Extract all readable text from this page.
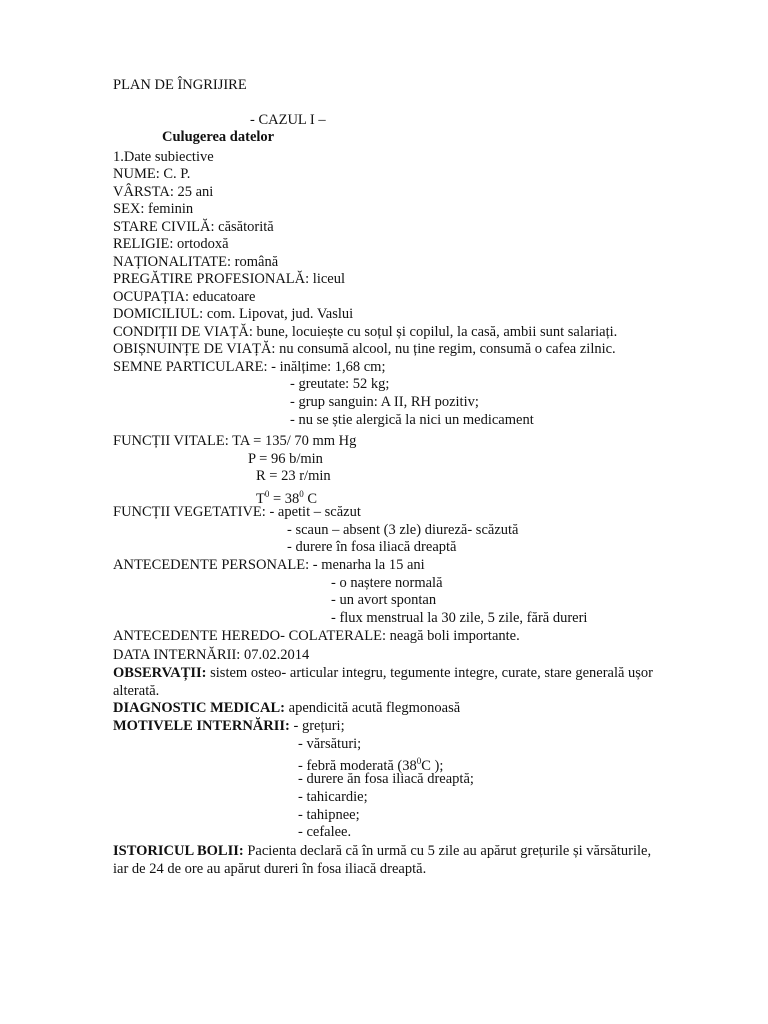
PLAN DE ÎNGRIJIRE
- CAZUL I –
Culugerea datelor
1.Date subiective
NUME: C. P.
VÂRSTA: 25 ani
SEX: feminin
STARE CIVILĂ: căsătorită
RELIGIE: ortodoxă
NAȚIONALITATE: română
PREGĂTIRE PROFESIONALĂ: liceul
OCUPAȚIA: educatoare
DOMICILIUL: com. Lipovat, jud. Vaslui
CONDIȚII DE VIAȚĂ: bune, locuiește cu soțul și copilul, la casă, ambii sunt salariați.
OBIȘNUINȚE DE VIAȚĂ: nu consumă alcool, nu ține regim, consumă o cafea zilnic.
SEMNE PARTICULARE: - inălțime: 1,68 cm;
- greutate: 52 kg;
- grup sanguin: A II, RH pozitiv;
- nu se știe alergică la nici un medicament
FUNCȚII VITALE: TA = 135/ 70 mm Hg
P = 96 b/min
R = 23 r/min
$T^0 = 38^0$ C
FUNCȚII VEGETATIVE: - apetit – scăzut
- scaun – absent (3 zle) diureză- scăzută
- durere în fosa iliacă dreaptă
ANTECEDENTE PERSONALE: - menarha la 15 ani
- o naștere normală
- un avort spontan
- flux menstrual la 30 zile, 5 zile, fără dureri
ANTECEDENTE HEREDO- COLATERALE: neagă boli importante.
DATA INTERNĂRII: 07.02.2014
OBSERVAȚII: sistem osteo- articular integru, tegumente integre, curate, stare generală ușor alterată.
DIAGNOSTIC MEDICAL: apendicită acută flegmonoasă
MOTIVELE INTERNĂRII: - grețuri;
- vărsături;
- febră moderată ($38^0C$ );
- durere ăn fosa iliacă dreaptă;
- tahicardie;
- tahipnee;
- cefalee.
ISTORICUL BOLII: Pacienta declară că în urmă cu 5 zile au apărut grețurile și vărsăturile, iar de 24 de ore au apărut dureri în fosa iliacă dreaptă.
